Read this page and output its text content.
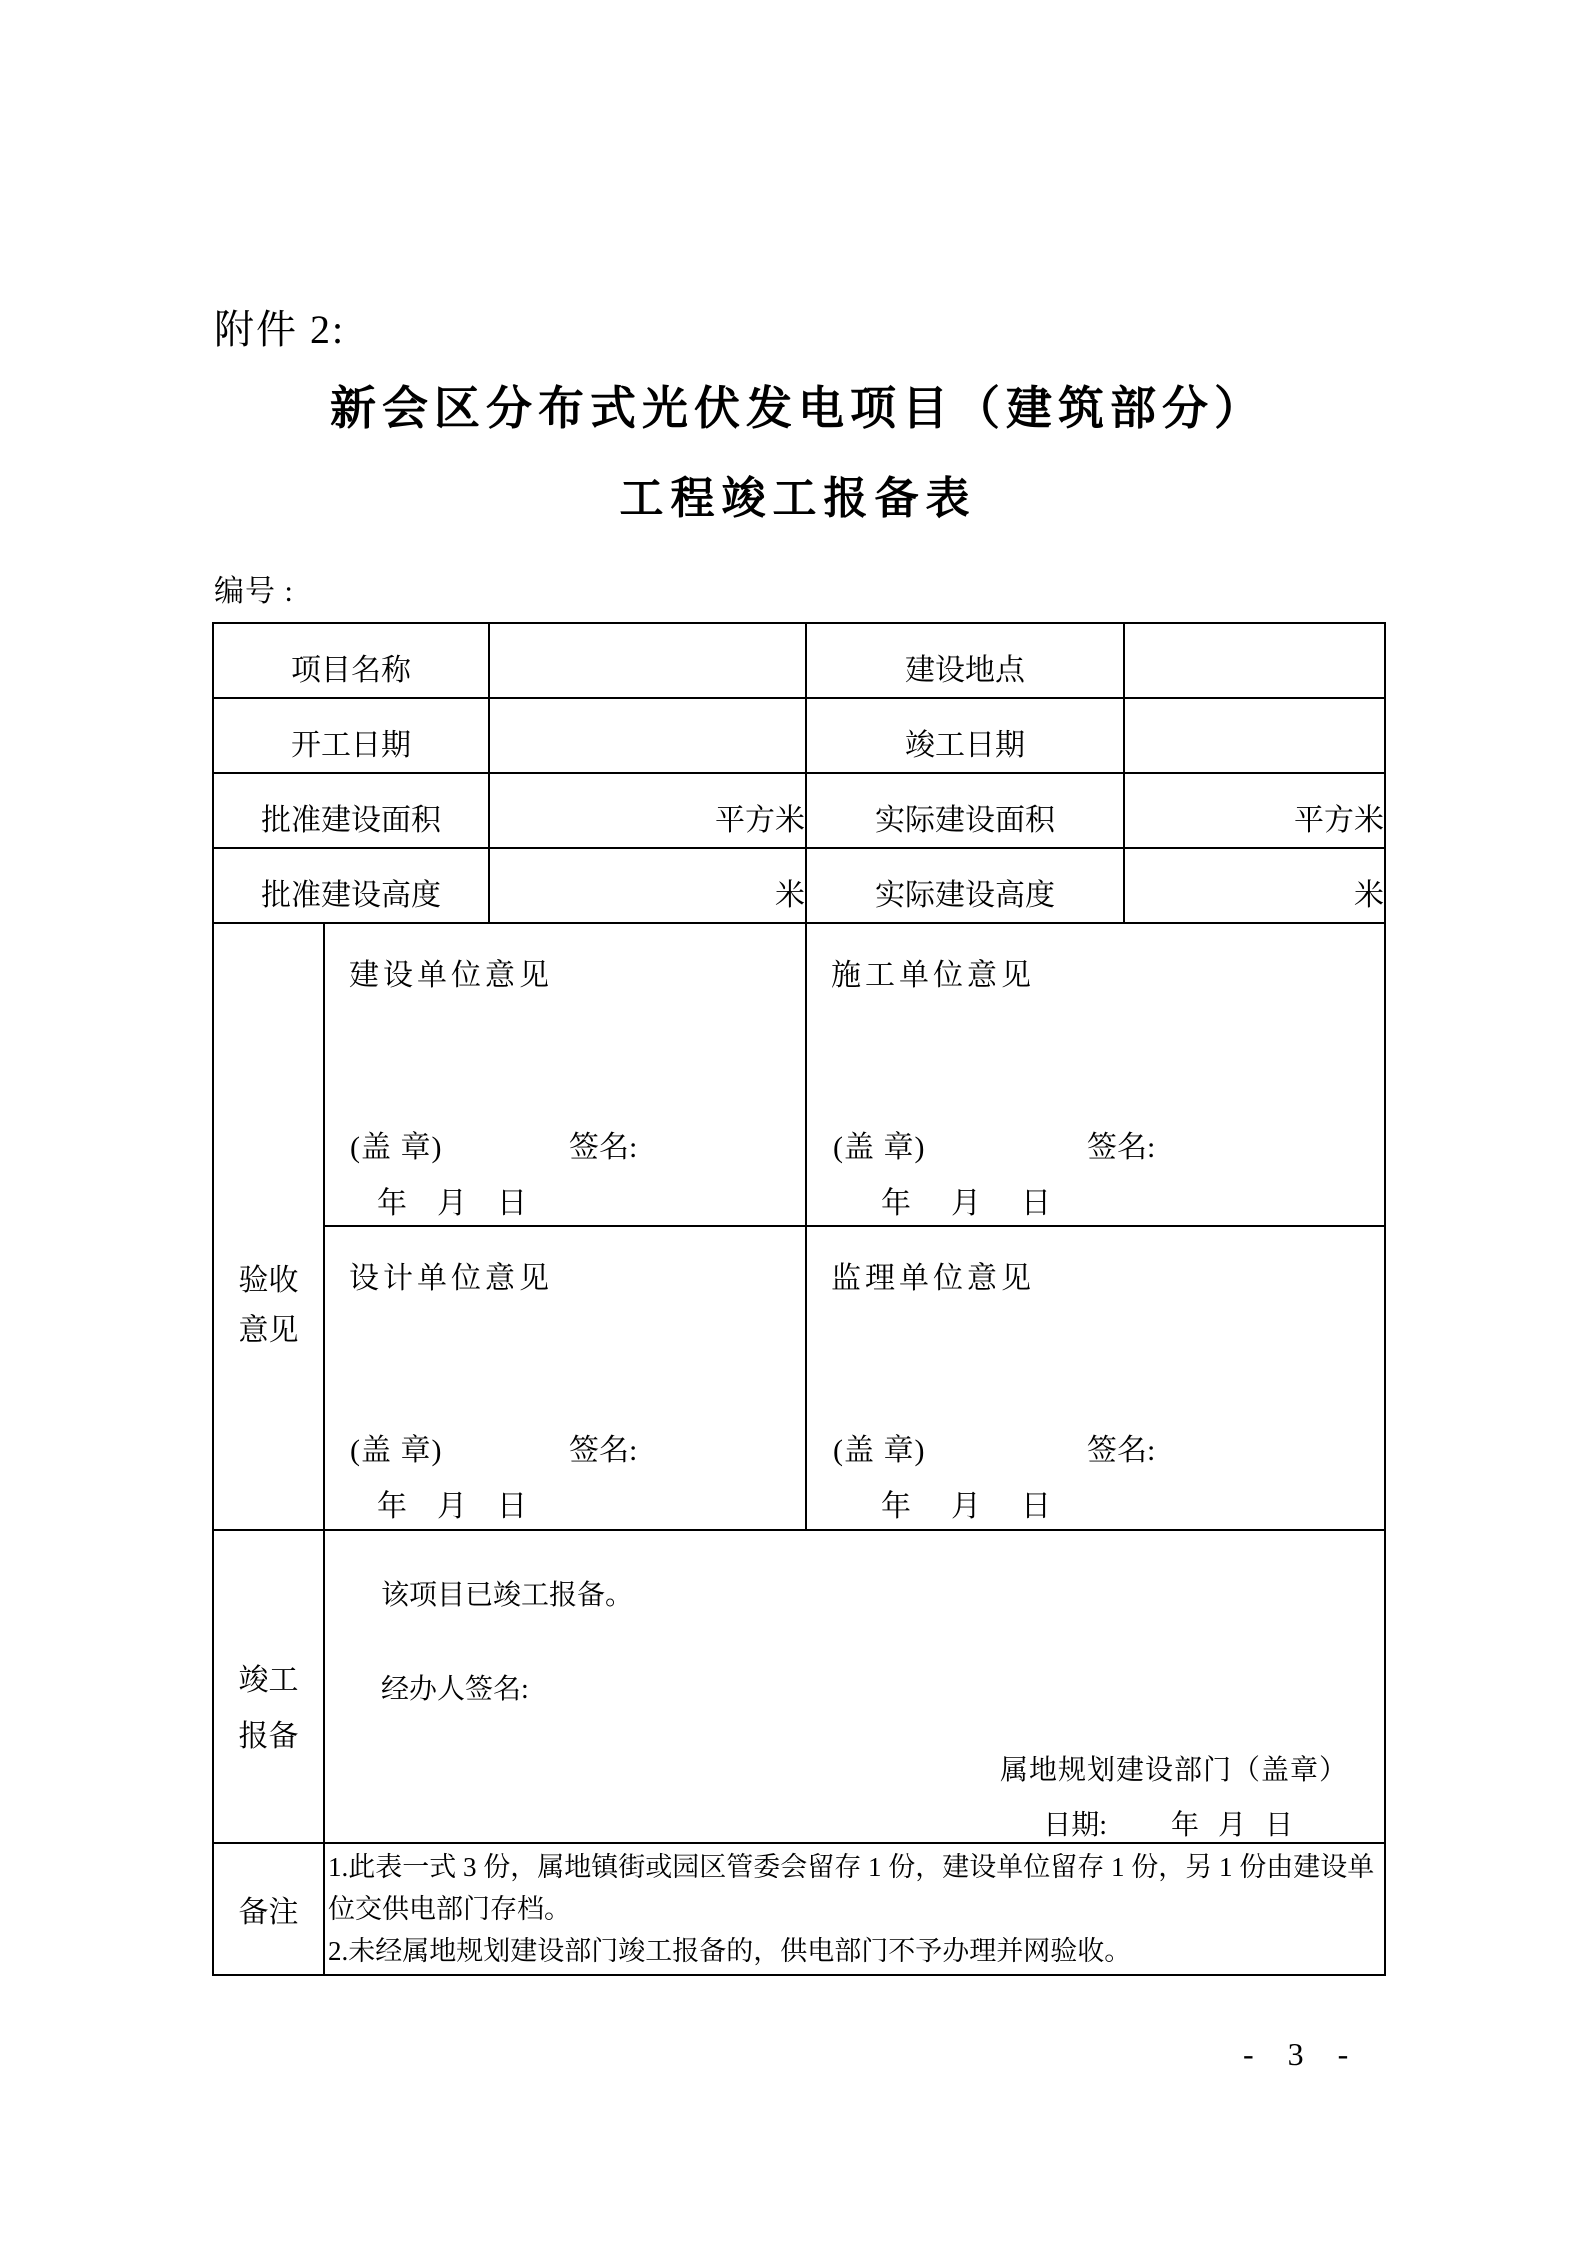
附件 2:
新会区分布式光伏发电项目（建筑部分）
工程竣工报备表
编号 :
项目名称		建设地点	
开工日期		竣工日期	
批准建设面积	平方米	实际建设面积	平方米
批准建设高度	米	实际建设高度	米

验收意见
建设单位意见
(盖 章)	签名:
年　月　日
施工单位意见
(盖 章)	签名:
年　月　日
设计单位意见
(盖 章)	签名:
年　月　日
监理单位意见
(盖 章)	签名:
年　月　日

竣工报备
该项目已竣工报备。
经办人签名:
属地规划建设部门（盖章）
日期: 年 月 日			

备注
1.此表一式 3 份，属地镇街或园区管委会留存 1 份，建设单位留存 1 份，另 1 份由建设单位交供电部门存档。
2.未经属地规划建设部门竣工报备的，供电部门不予办理并网验收。			
- 3 -
